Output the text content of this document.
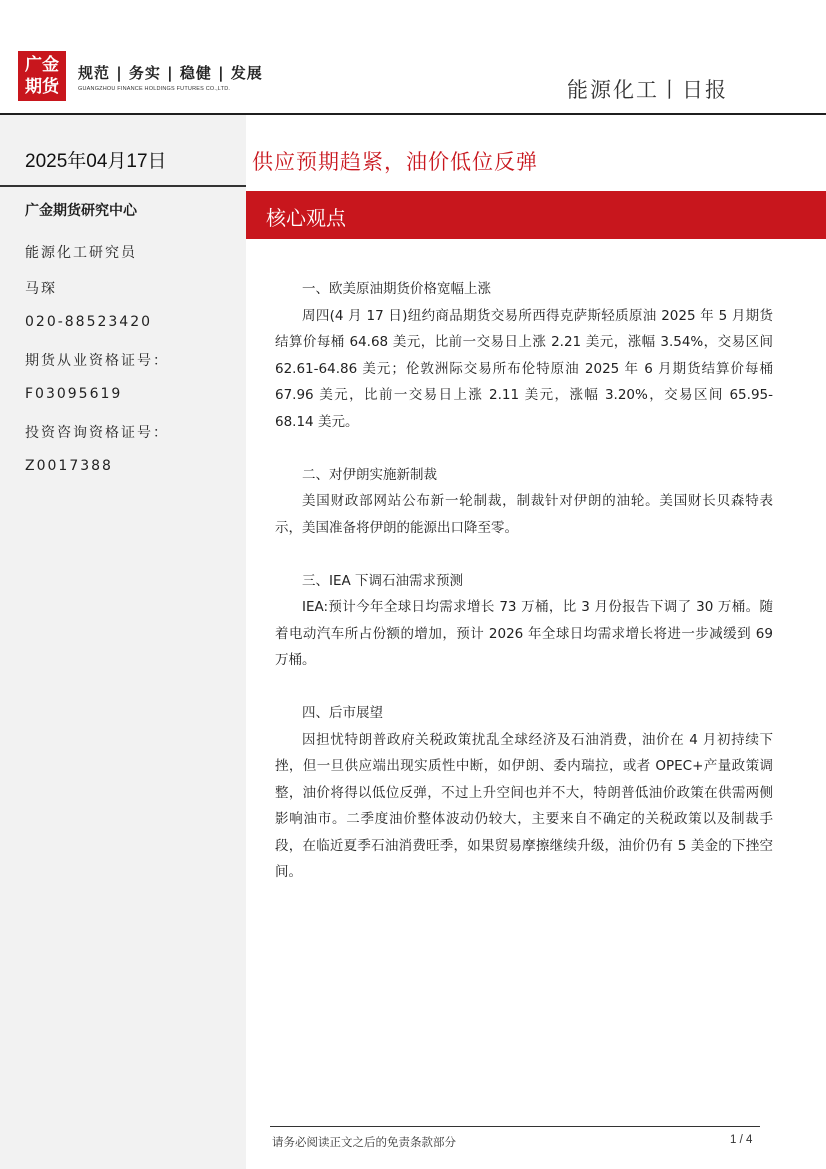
广金
期货
规范 | 务实 | 稳健 | 发展
GUANGZHOU FINANCE HOLDINGS FUTURES CO.,LTD.	能源化工丨日报
2025年04月17日
广金期货研究中心
能源化工研究员
马琛
020-88523420
期货从业资格证号：
F03095619
投资咨询资格证号：
Z0017388
供应预期趋紧，油价低位反弹
核心观点
一、欧美原油期货价格宽幅上涨

周四(4 月 17 日)纽约商品期货交易所西得克萨斯轻质原油 2025 年 5 月期货结算价每桶 64.68 美元，比前一交易日上涨 2.21 美元，涨幅 3.54%，交易区间 62.61-64.86 美元；伦敦洲际交易所布伦特原油 2025 年 6 月期货结算价每桶 67.96 美元，比前一交易日上涨 2.11 美元，涨幅 3.20%，交易区间 65.95-68.14 美元。

二、对伊朗实施新制裁

美国财政部网站公布新一轮制裁，制裁针对伊朗的油轮。美国财长贝森特表示，美国准备将伊朗的能源出口降至零。

三、IEA 下调石油需求预测

IEA:预计今年全球日均需求增长 73 万桶，比 3 月份报告下调了 30 万桶。随着电动汽车所占份额的增加，预计 2026 年全球日均需求增长将进一步减缓到 69 万桶。

四、后市展望

因担忧特朗普政府关税政策扰乱全球经济及石油消费，油价在 4 月初持续下挫，但一旦供应端出现实质性中断，如伊朗、委内瑞拉，或者 OPEC+产量政策调整，油价将得以低位反弹，不过上升空间也并不大，特朗普低油价政策在供需两侧影响油市。二季度油价整体波动仍较大，主要来自不确定的关税政策以及制裁手段，在临近夏季石油消费旺季，如果贸易摩擦继续升级，油价仍有 5 美金的下挫空间。

请务必阅读正文之后的免责条款部分	1 / 4
